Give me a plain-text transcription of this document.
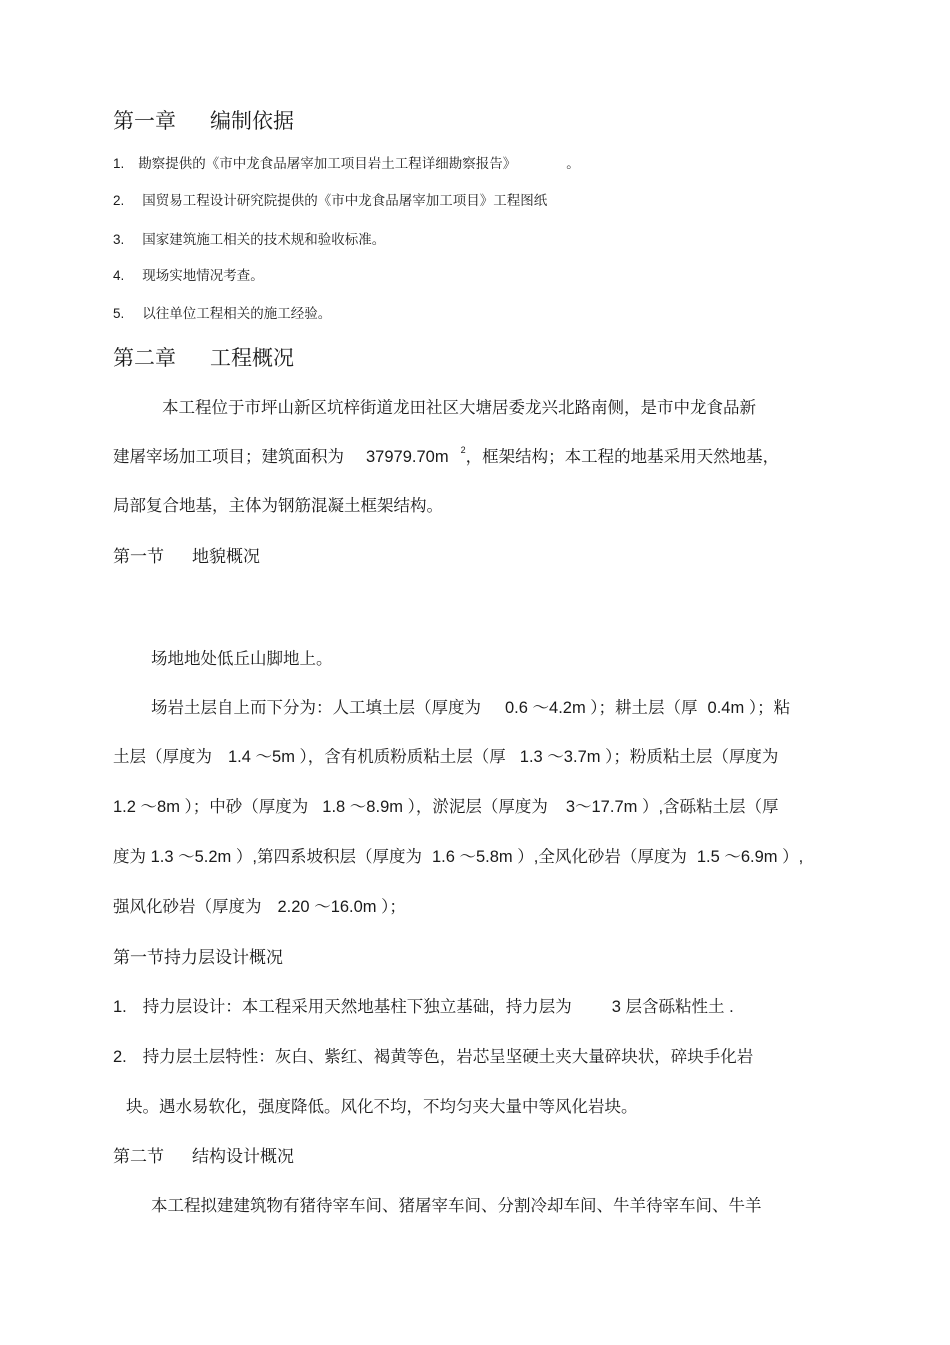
第一章 编制依据
1. 勘察提供的《市中龙食品屠宰加工项目岩土工程详细勘察报告》	。
2. 国贸易工程设计研究院提供的《市中龙食品屠宰加工项目》工程图纸
3. 国家建筑施工相关的技术规和验收标准。
4. 现场实地情况考查。
5. 以往单位工程相关的施工经验。
第二章 工程概况
本工程位于市坪山新区坑梓街道龙田社区大塘居委龙兴北路南侧，是市中龙食品新
建屠宰场加工项目；建筑面积为 37979.70m $^2$，框架结构；本工程的地基采用天然地基，
局部复合地基，主体为钢筋混凝土框架结构。
第一节 地貌概况
场地地处低丘山脚地上。
场岩土层自上而下分为：人工填土层（厚度为 0.6 ～4.2m ）；耕土层（厚 0.4m ）；粘
土层（厚度为 1.4 ～5m ），含有机质粉质粘土层（厚 1.3 ～3.7m ）；粉质粘土层（厚度为
1.2 ～8m ）；中砂（厚度为 1.8 ～8.9m ），淤泥层（厚度为 3～17.7m ）,含砾粘土层（厚
度为 1.3 ～5.2m ）,第四系坡积层（厚度为 1.6 ～5.8m ）,全风化砂岩（厚度为 1.5 ～6.9m ）,
强风化砂岩（厚度为 2.20 ～16.0m ）；
第一节持力层设计概况
1. 持力层设计：本工程采用天然地基柱下独立基础，持力层为 3 层含砾粘性土 .
2. 持力层土层特性：灰白、紫红、褐黄等色，岩芯呈坚硬土夹大量碎块状，碎块手化岩
块。遇水易软化，强度降低。风化不均，不均匀夹大量中等风化岩块。
第二节 结构设计概况
本工程拟建建筑物有猪待宰车间、猪屠宰车间、分割冷却车间、牛羊待宰车间、牛羊
